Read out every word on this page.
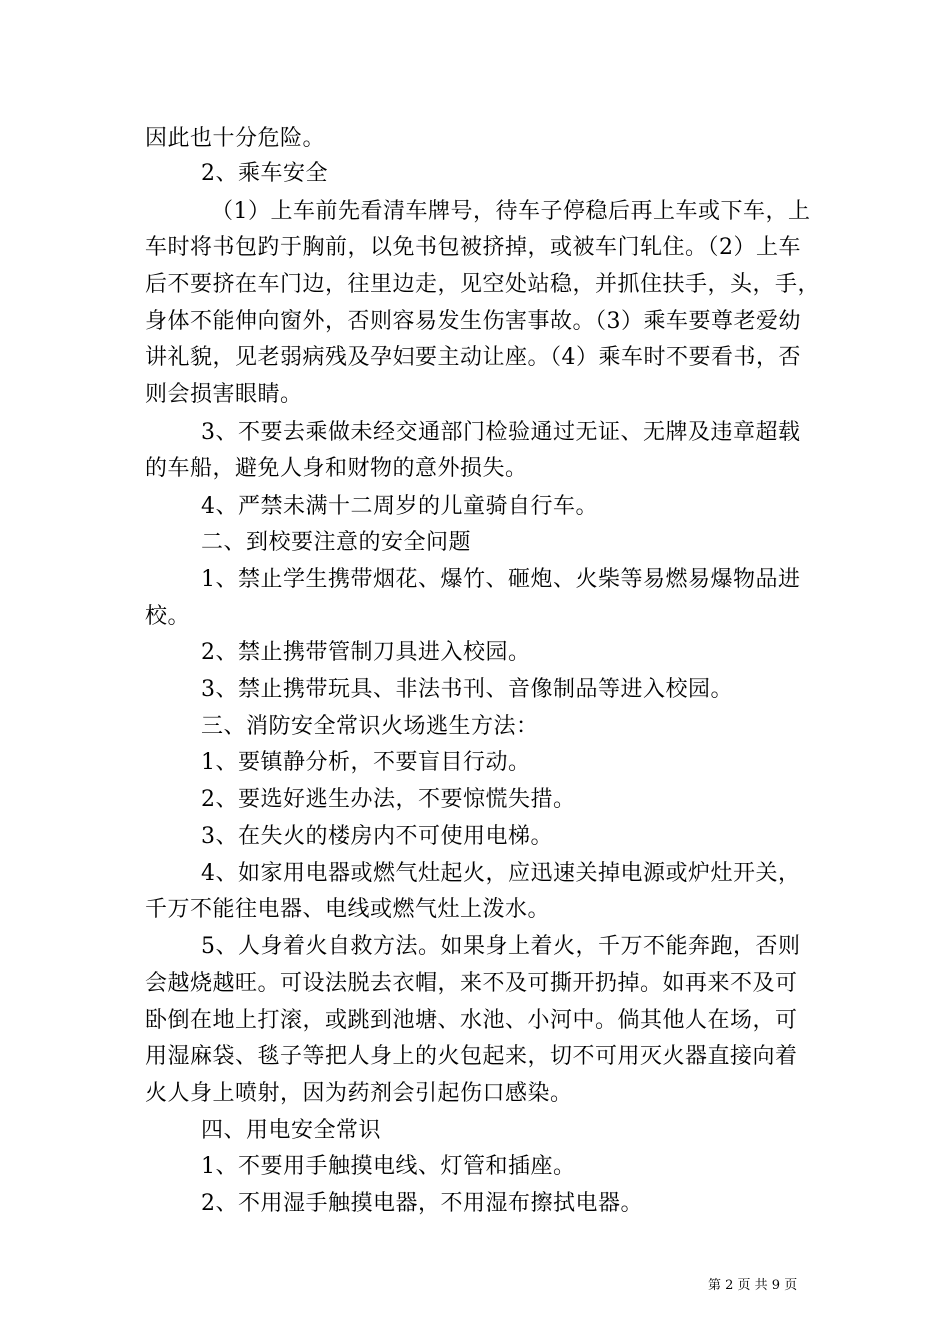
因此也十分危险。
2、乘车安全
（1）上车前先看清车牌号，待车子停稳后再上车或下车，上
车时将书包趵于胸前，以免书包被挤掉，或被车门轧住。（2）上车
后不要挤在车门边，往里边走，见空处站稳，并抓住扶手，头，手，
身体不能伸向窗外，否则容易发生伤害事故。（3）乘车要尊老爱幼
讲礼貌，见老弱病残及孕妇要主动让座。（4）乘车时不要看书，否
则会损害眼睛。
3、不要去乘做未经交通部门检验通过无证、无牌及违章超载
的车船，避免人身和财物的意外损失。
4、严禁未满十二周岁的儿童骑自行车。
二、到校要注意的安全问题
1、禁止学生携带烟花、爆竹、砸炮、火柴等易燃易爆物品进
校。
2、禁止携带管制刀具进入校园。
3、禁止携带玩具、非法书刊、音像制品等进入校园。
三、消防安全常识火场逃生方法：
1、要镇静分析，不要盲目行动。
2、要选好逃生办法，不要惊慌失措。
3、在失火的楼房内不可使用电梯。
4、如家用电器或燃气灶起火，应迅速关掉电源或炉灶开关，
千万不能往电器、电线或燃气灶上泼水。
5、人身着火自救方法。如果身上着火，千万不能奔跑，否则
会越烧越旺。可设法脱去衣帽，来不及可撕开扔掉。如再来不及可
卧倒在地上打滚，或跳到池塘、水池、小河中。倘其他人在场，可
用湿麻袋、毯子等把人身上的火包起来，切不可用灭火器直接向着
火人身上喷射，因为药剂会引起伤口感染。
四、用电安全常识
1、不要用手触摸电线、灯管和插座。
2、不用湿手触摸电器，不用湿布擦拭电器。
第 2 页 共 9 页
